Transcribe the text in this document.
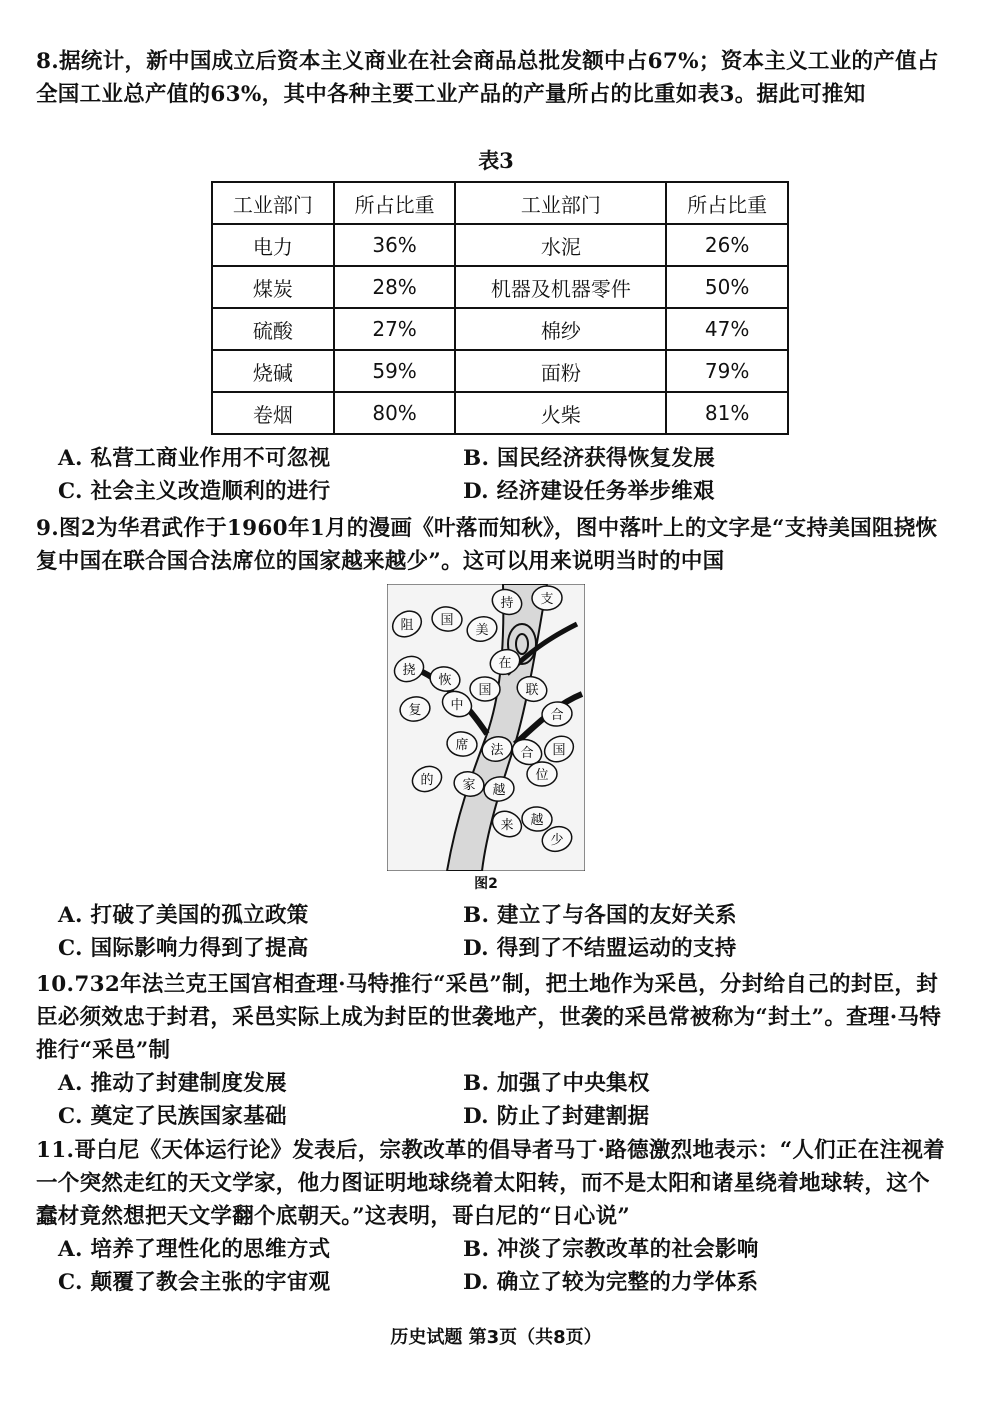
8.据统计，新中国成立后资本主义商业在社会商品总批发额中占67%；资本主义工业的产值占全国工业总产值的63%，其中各种主要工业产品的产量所占的比重如表3。据此可推知

表3
工业部门	所占比重	工业部门	所占比重
电力	36%	水泥	26%
煤炭	28%	机器及机器零件	50%
硫酸	27%	棉纱	47%
烧碱	59%	面粉	79%
卷烟	80%	火柴	81%
A. 私营工商业作用不可忽视	B. 国民经济获得恢复发展
C. 社会主义改造顺利的进行	D. 经济建设任务举步维艰

9.图2为华君武作于1960年1月的漫画《叶落而知秋》，图中落叶上的文字是“支持美国阻挠恢复中国在联合国合法席位的国家越来越少”。这可以用来说明当时的中国

阻 国
美
持 支
挠
恢
复 中
国
在
联
合
国
席 法 合
位
的 家 越
来 越
少
图2
A. 打破了美国的孤立政策	B. 建立了与各国的友好关系
C. 国际影响力得到了提高	D. 得到了不结盟运动的支持

10.732年法兰克王国宫相查理·马特推行“采邑”制，把土地作为采邑，分封给自己的封臣，封臣必须效忠于封君，采邑实际上成为封臣的世袭地产，世袭的采邑常被称为“封土”。查理·马特推行“采邑”制

A. 推动了封建制度发展	B. 加强了中央集权
C. 奠定了民族国家基础	D. 防止了封建割据

11.哥白尼《天体运行论》发表后，宗教改革的倡导者马丁·路德激烈地表示：“人们正在注视着一个突然走红的天文学家，他力图证明地球绕着太阳转，而不是太阳和诸星绕着地球转，这个蠢材竟然想把天文学翻个底朝天。”这表明，哥白尼的“日心说”

A. 培养了理性化的思维方式	B. 冲淡了宗教改革的社会影响
C. 颠覆了教会主张的宇宙观	D. 确立了较为完整的力学体系
历史试题 第3页（共8页）
